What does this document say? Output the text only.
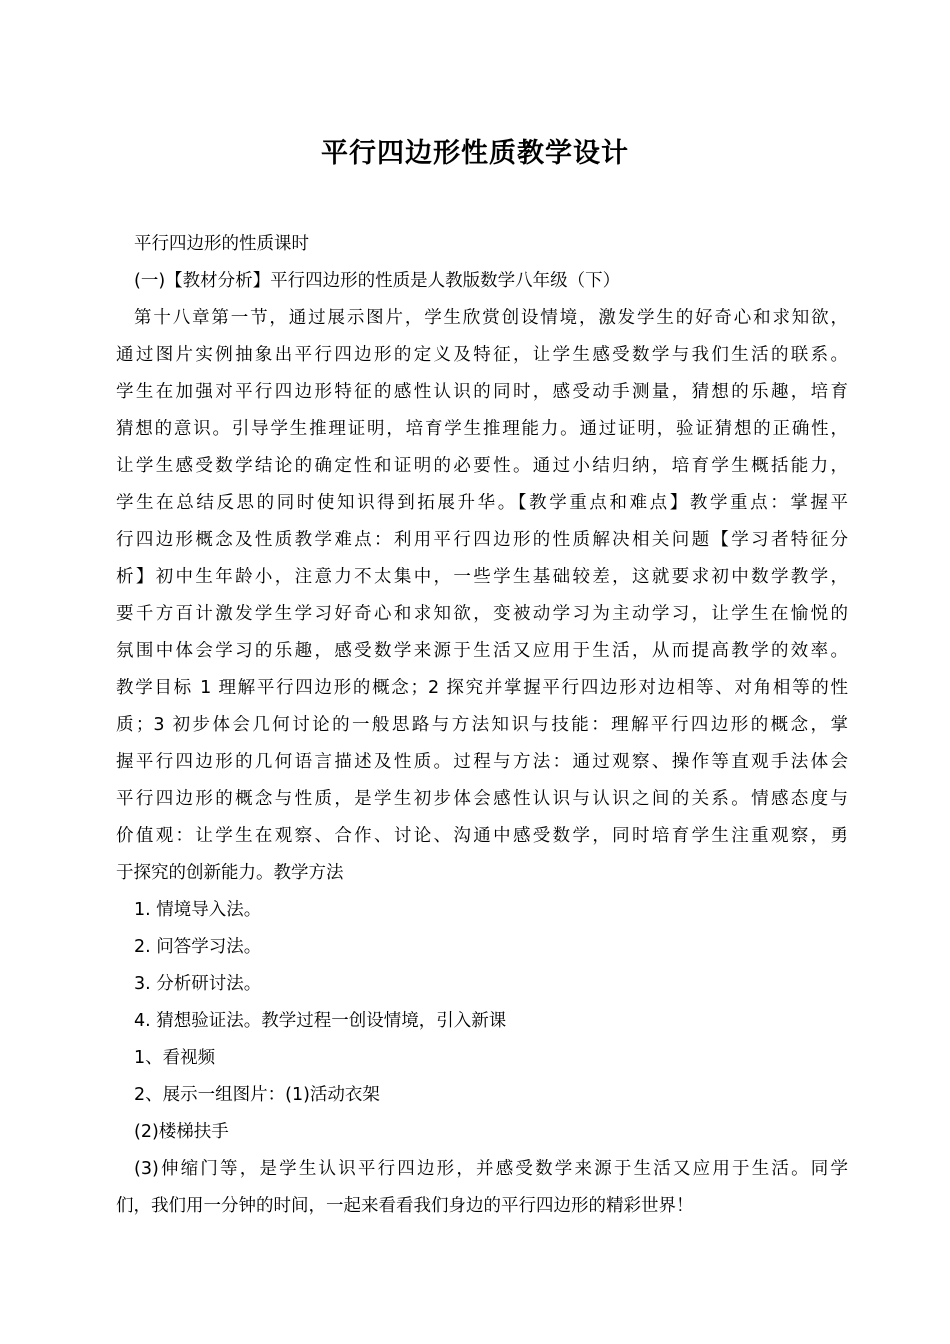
平行四边形性质教学设计

平行四边形的性质课时

(一)【教材分析】平行四边形的性质是人教版数学八年级（下）

第十八章第一节，通过展示图片，学生欣赏创设情境，激发学生的好奇心和求知欲，

通过图片实例抽象出平行四边形的定义及特征，让学生感受数学与我们生活的联系。

学生在加强对平行四边形特征的感性认识的同时，感受动手测量，猜想的乐趣，培育

猜想的意识。引导学生推理证明，培育学生推理能力。通过证明，验证猜想的正确性，

让学生感受数学结论的确定性和证明的必要性。通过小结归纳，培育学生概括能力，

学生在总结反思的同时使知识得到拓展升华。【教学重点和难点】教学重点：掌握平

行四边形概念及性质教学难点：利用平行四边形的性质解决相关问题【学习者特征分

析】初中生年龄小，注意力不太集中，一些学生基础较差，这就要求初中数学教学，

要千方百计激发学生学习好奇心和求知欲，变被动学习为主动学习，让学生在愉悦的

氛围中体会学习的乐趣，感受数学来源于生活又应用于生活，从而提高教学的效率。

教学目标 1 理解平行四边形的概念；2 探究并掌握平行四边形对边相等、对角相等的性

质；3 初步体会几何讨论的一般思路与方法知识与技能：理解平行四边形的概念，掌

握平行四边形的几何语言描述及性质。过程与方法：通过观察、操作等直观手法体会

平行四边形的概念与性质，是学生初步体会感性认识与认识之间的关系。情感态度与

价值观：让学生在观察、合作、讨论、沟通中感受数学，同时培育学生注重观察，勇

于探究的创新能力。教学方法

1. 情境导入法。

2. 问答学习法。

3. 分析研讨法。

4. 猜想验证法。教学过程一创设情境，引入新课

1、看视频

2、展示一组图片：(1)活动衣架

(2)楼梯扶手

(3)伸缩门等，是学生认识平行四边形，并感受数学来源于生活又应用于生活。同学

们，我们用一分钟的时间，一起来看看我们身边的平行四边形的精彩世界！
